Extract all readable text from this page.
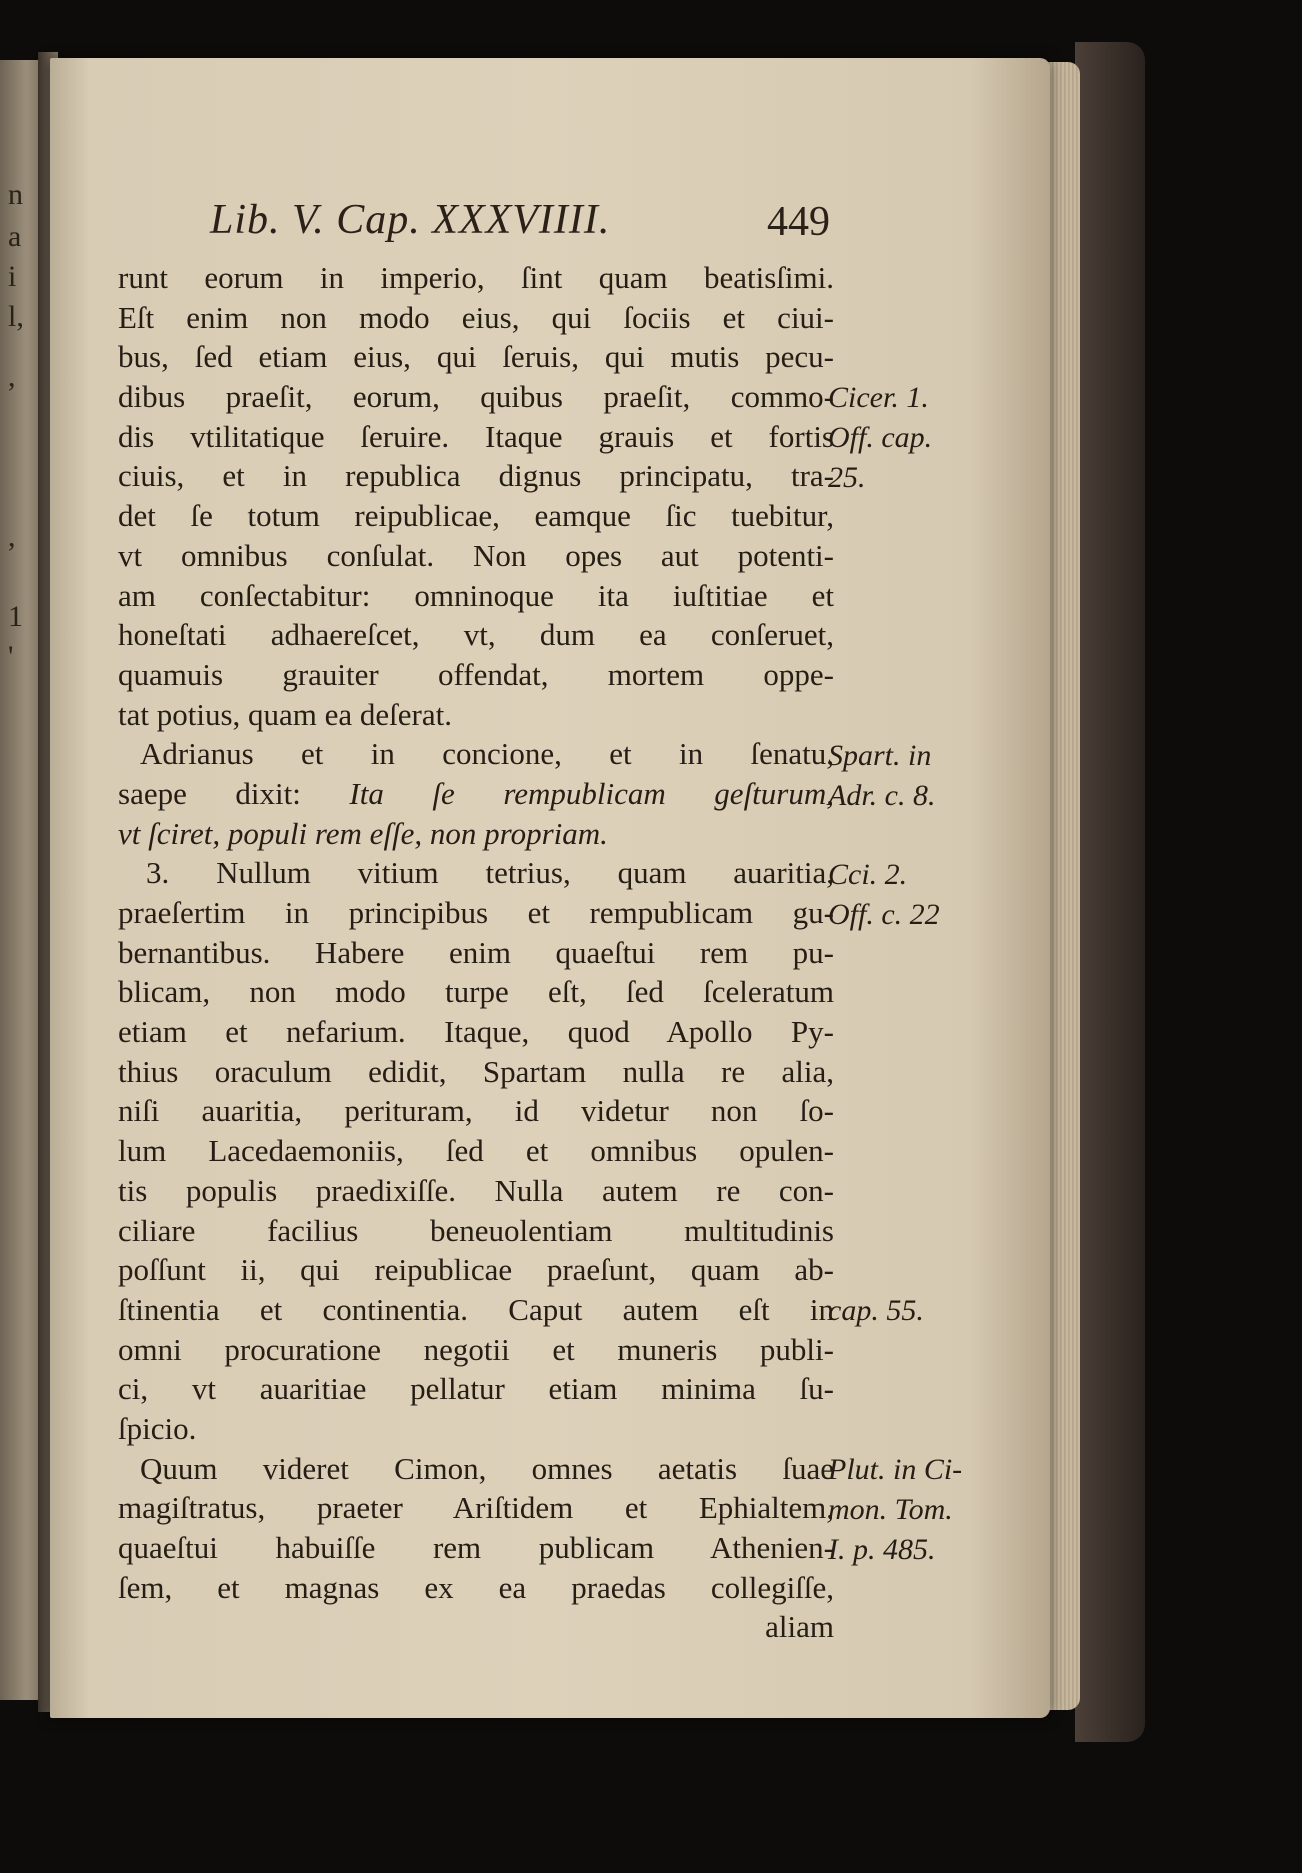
n
a
i
l,
,
,
1
'
Lib. V. Cap. XXXVIIII.	449
runt eorum in imperio, ſint quam beatisſimi.
Eſt enim non modo eius, qui ſociis et ciui-
bus, ſed etiam eius, qui ſeruis, qui mutis pecu-
dibus praeſit, eorum, quibus praeſit, commo-
dis vtilitatique ſeruire. Itaque grauis et fortis
ciuis, et in republica dignus principatu, tra-
det ſe totum reipublicae, eamque ſic tuebitur,
vt omnibus conſulat. Non opes aut potenti-
am conſectabitur: omninoque ita iuſtitiae et
honeſtati adhaereſcet, vt, dum ea conſeruet,
quamuis grauiter offendat, mortem oppe-
tat potius, quam ea deſerat.
Adrianus et in concione, et in ſenatu,
saepe dixit: Ita ſe rempublicam geſturum,
vt ſciret, populi rem eſſe, non propriam.
3. Nullum vitium tetrius, quam auaritia,
praeſertim in principibus et rempublicam gu-
bernantibus. Habere enim quaeſtui rem pu-
blicam, non modo turpe eſt, ſed ſceleratum
etiam et nefarium. Itaque, quod Apollo Py-
thius oraculum edidit, Spartam nulla re alia,
niſi auaritia, perituram, id videtur non ſo-
lum Lacedaemoniis, ſed et omnibus opulen-
tis populis praedixiſſe. Nulla autem re con-
ciliare facilius beneuolentiam multitudinis
poſſunt ii, qui reipublicae praeſunt, quam ab-
ſtinentia et continentia. Caput autem eſt in
omni procuratione negotii et muneris publi-
ci, vt auaritiae pellatur etiam minima ſu-
ſpicio.
Quum videret Cimon, omnes aetatis ſuae
magiſtratus, praeter Ariſtidem et Ephialtem,
quaeſtui habuiſſe rem publicam Athenien-
ſem, et magnas ex ea praedas collegiſſe,
aliam
Cicer. 1.
Off. cap.
25.
Spart. in
Adr. c. 8.
Cci. 2.
Off. c. 22
cap. 55.
Plut. in Ci-
mon. Tom.
I. p. 485.
